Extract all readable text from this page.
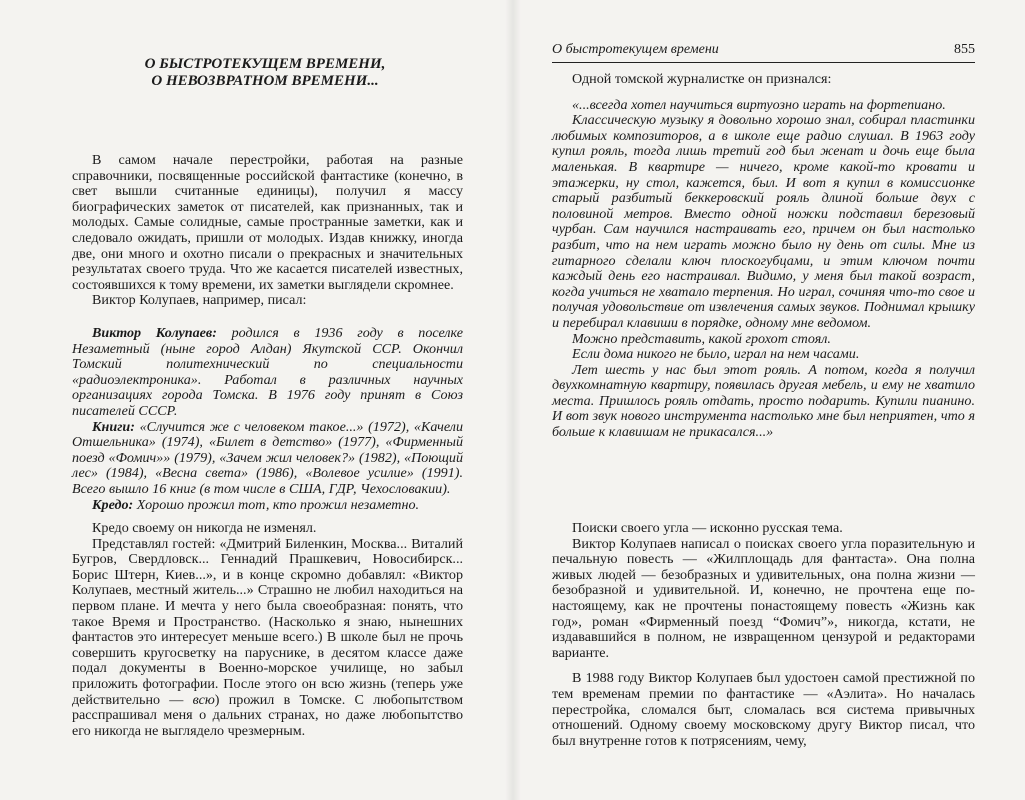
О БЫСТРОТЕКУЩЕМ ВРЕМЕНИ,
О НЕВОЗВРАТНОМ ВРЕМЕНИ...

В самом начале перестройки, работая на разные справочники, посвященные российской фантастике (конечно, в свет вышли считанные единицы), получил я массу биографических заметок от писателей, как признанных, так и молодых. Самые солидные, самые пространные заметки, как и следовало ожидать, пришли от молодых. Издав книжку, иногда две, они много и охотно писали о прекрасных и значительных результатах своего труда. Что же касается писателей известных, состоявшихся к тому времени, их заметки выглядели скромнее.

Виктор Колупаев, например, писал:

Виктор Колупаев: родился в 1936 году в поселке Незаметный (ныне город Алдан) Якутской ССР. Окончил Томский политехнический по специальности «радиоэлектроника». Работал в различных научных организациях города Томска. В 1976 году принят в Союз писателей СССР.

Книги: «Случится же с человеком такое...» (1972), «Качели Отшельника» (1974), «Билет в детство» (1977), «Фирменный поезд «Фомич»» (1979), «Зачем жил человек?» (1982), «Поющий лес» (1984), «Весна света» (1986), «Волевое усилие» (1991). Всего вышло 16 книг (в том числе в США, ГДР, Чехословакии).

Кредо: Хорошо прожил тот, кто прожил незаметно.

Кредо своему он никогда не изменял.

Представлял гостей: «Дмитрий Биленкин, Москва... Виталий Бугров, Свердловск... Геннадий Прашкевич, Новосибирск... Борис Штерн, Киев...», и в конце скромно добавлял: «Виктор Колупаев, местный житель...» Страшно не любил находиться на первом плане. И мечта у него была своеобразная: понять, что такое Время и Пространство. (Насколько я знаю, нынешних фантастов это интересует меньше всего.) В школе был не прочь совершить кругосветку на паруснике, в десятом классе даже подал документы в Военно-морское училище, но забыл приложить фотографии. После этого он всю жизнь (теперь уже действительно — всю) прожил в Томске. С любопытством расспрашивал меня о дальних странах, но даже любопытство его никогда не выглядело чрезмерным.

О быстротекущем времени	855

Одной томской журналистке он признался:

«...всегда хотел научиться виртуозно играть на фортепиано.

Классическую музыку я довольно хорошо знал, собирал пластинки любимых композиторов, а в школе еще радио слушал. В 1963 году купил рояль, тогда лишь третий год был женат и дочь еще была маленькая. В квартире — ничего, кроме какой-то кровати и этажерки, ну стол, кажется, был. И вот я купил в комиссионке старый разбитый беккеровский рояль длиной больше двух с половиной метров. Вместо одной ножки подставил березовый чурбан. Сам научился настраивать его, причем он был настолько разбит, что на нем играть можно было ну день от силы. Мне из гитарного сделали ключ плоскогубцами, и этим ключом почти каждый день его настраивал. Видимо, у меня был такой возраст, когда учиться не хватало терпения. Но играл, сочиняя что-то свое и получая удовольствие от извлечения самых звуков. Поднимал крышку и перебирал клавиши в порядке, одному мне ведомом.

Можно представить, какой грохот стоял.

Если дома никого не было, играл на нем часами.

Лет шесть у нас был этот рояль. А потом, когда я получил двухкомнатную квартиру, появилась другая мебель, и ему не хватило места. Пришлось рояль отдать, просто подарить. Купили пианино. И вот звук нового инструмента настолько мне был неприятен, что я больше к клавишам не прикасался...»

Поиски своего угла — исконно русская тема.

Виктор Колупаев написал о поисках своего угла поразительную и печальную повесть — «Жилплощадь для фантаста». Она полна живых людей — безобразных и удивительных, она полна жизни — безобразной и удивительной. И, конечно, не прочтена еще по-настоящему, как не прочтены понастоящему повесть «Жизнь как год», роман «Фирменный поезд “Фомич”», никогда, кстати, не издававшийся в полном, не извращенном цензурой и редакторами варианте.

В 1988 году Виктор Колупаев был удостоен самой престижной по тем временам премии по фантастике — «Аэлита». Но началась перестройка, сломался быт, сломалась вся система привычных отношений. Одному своему московскому другу Виктор писал, что был внутренне готов к потрясениям, чему,
